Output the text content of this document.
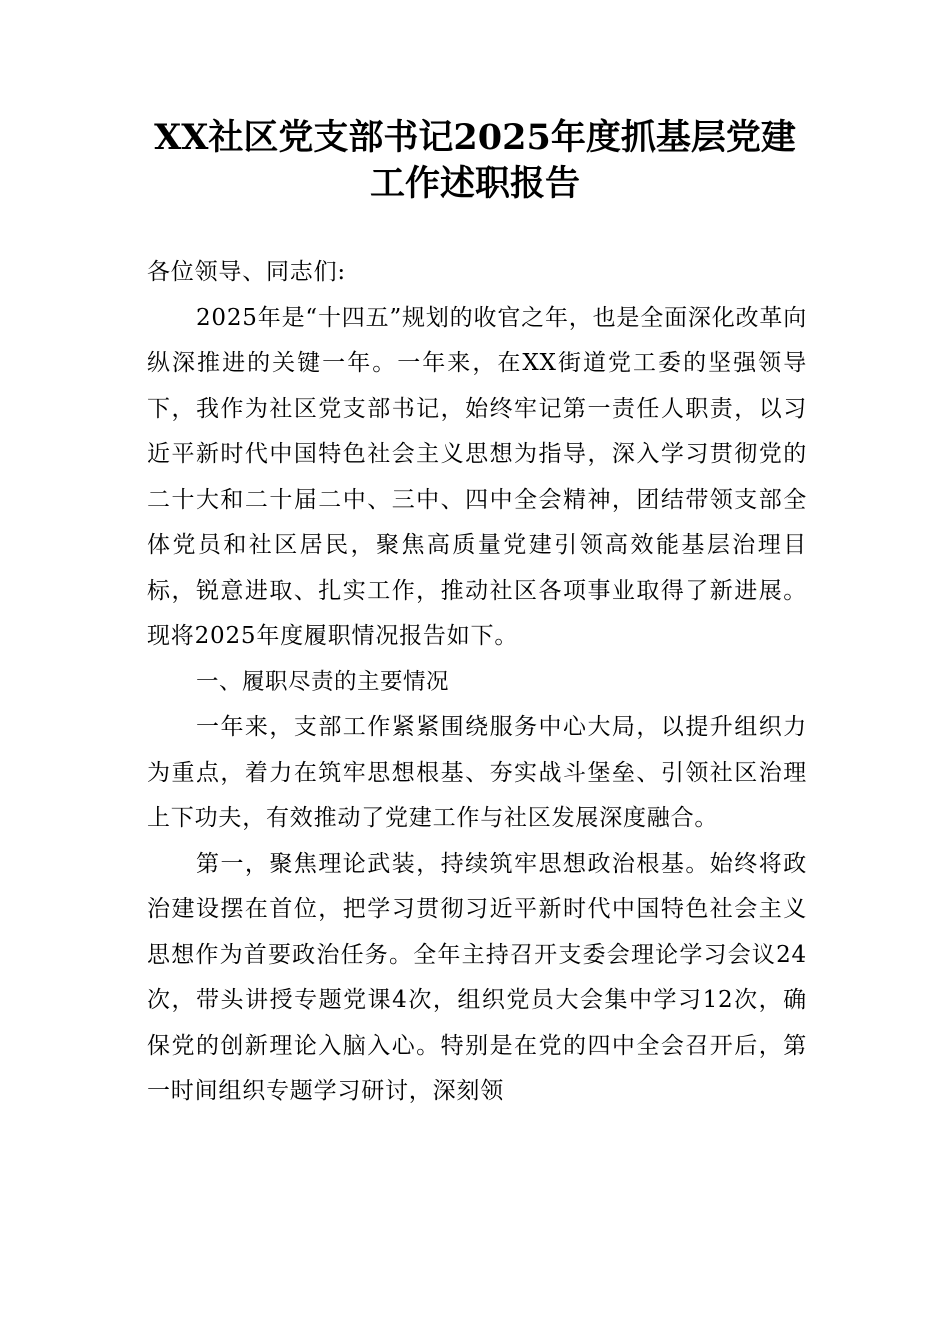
XX社区党支部书记2025年度抓基层党建
工作述职报告

各位领导、同志们:

2025年是“十四五”规划的收官之年，也是全面深化改革向纵深推进的关键一年。一年来，在XX街道党工委的坚强领导下，我作为社区党支部书记，始终牢记第一责任人职责，以习近平新时代中国特色社会主义思想为指导，深入学习贯彻党的二十大和二十届二中、三中、四中全会精神，团结带领支部全体党员和社区居民，聚焦高质量党建引领高效能基层治理目标，锐意进取、扎实工作，推动社区各项事业取得了新进展。现将2025年度履职情况报告如下。

一、履职尽责的主要情况

一年来，支部工作紧紧围绕服务中心大局，以提升组织力为重点，着力在筑牢思想根基、夯实战斗堡垒、引领社区治理上下功夫，有效推动了党建工作与社区发展深度融合。

第一，聚焦理论武装，持续筑牢思想政治根基。始终将政治建设摆在首位，把学习贯彻习近平新时代中国特色社会主义思想作为首要政治任务。全年主持召开支委会理论学习会议24次，带头讲授专题党课4次，组织党员大会集中学习12次，确保党的创新理论入脑入心。特别是在党的四中全会召开后，第一时间组织专题学习研讨，深刻领
